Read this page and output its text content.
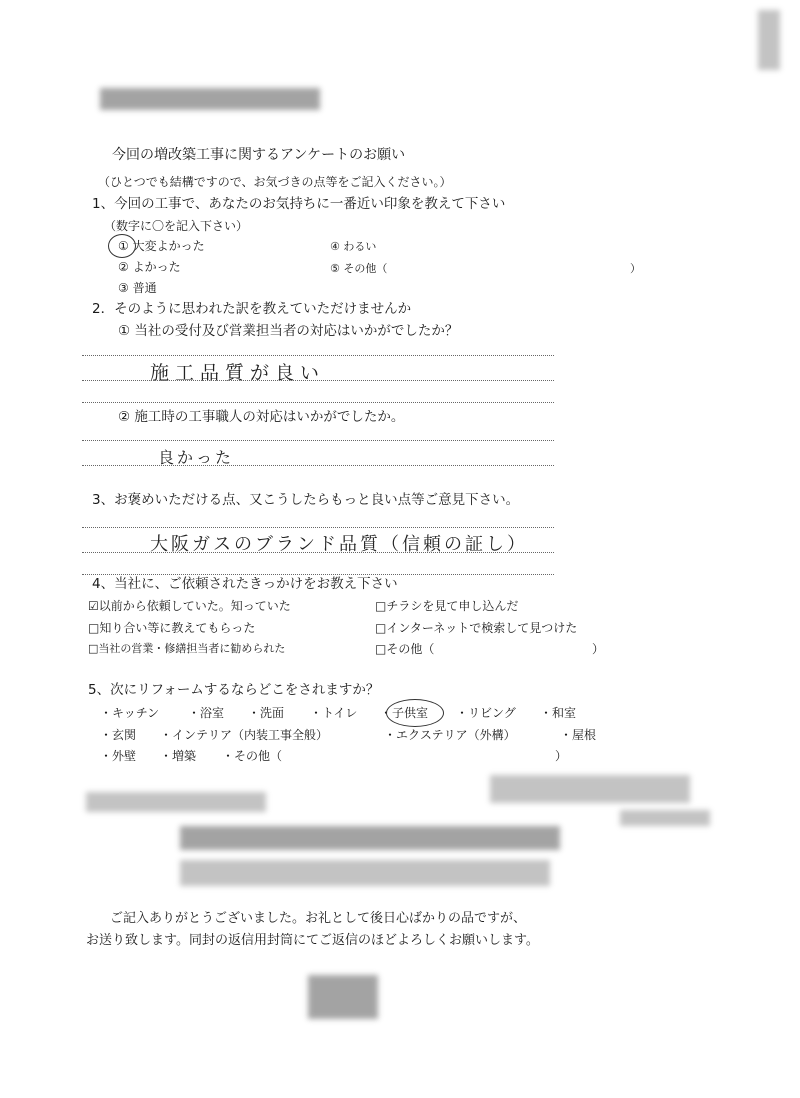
今回の増改築工事に関するアンケートのお願い
（ひとつでも結構ですので、お気づきの点等をご記入ください。）
1、今回の工事で、あなたのお気持ちに一番近い印象を教えて下さい
（数字に〇を記入下さい）
① 大変よかった
② よかった
③ 普通
④ わるい
⑤ その他（	）
2．そのように思われた訳を教えていただけませんか
① 当社の受付及び営業担当者の対応はいかがでしたか？
施工品質が良い
② 施工時の工事職人の対応はいかがでしたか。
良かった
3、お褒めいただける点、又こうしたらもっと良い点等ご意見下さい。
大阪ガスのブランド品質（信頼の証し）
4、当社に、ご依頼されたきっかけをお教え下さい
☑以前から依頼していた。知っていた	□チラシを見て申し込んだ
□知り合い等に教えてもらった	□インターネットで検索して見つけた
□当社の営業・修繕担当者に勧められた	□その他（	）
5、次にリフォームするならどこをされますか？
・キッチン ・浴室 ・洗面 ・トイレ ・子供室 ・リビング ・和室
・玄関 ・インテリア（内装工事全般）	・エクステリア（外構）	・屋根
・外壁 ・増築 ・その他（	）
ご記入ありがとうございました。お礼として後日心ばかりの品ですが、
お送り致します。同封の返信用封筒にてご返信のほどよろしくお願いします。
